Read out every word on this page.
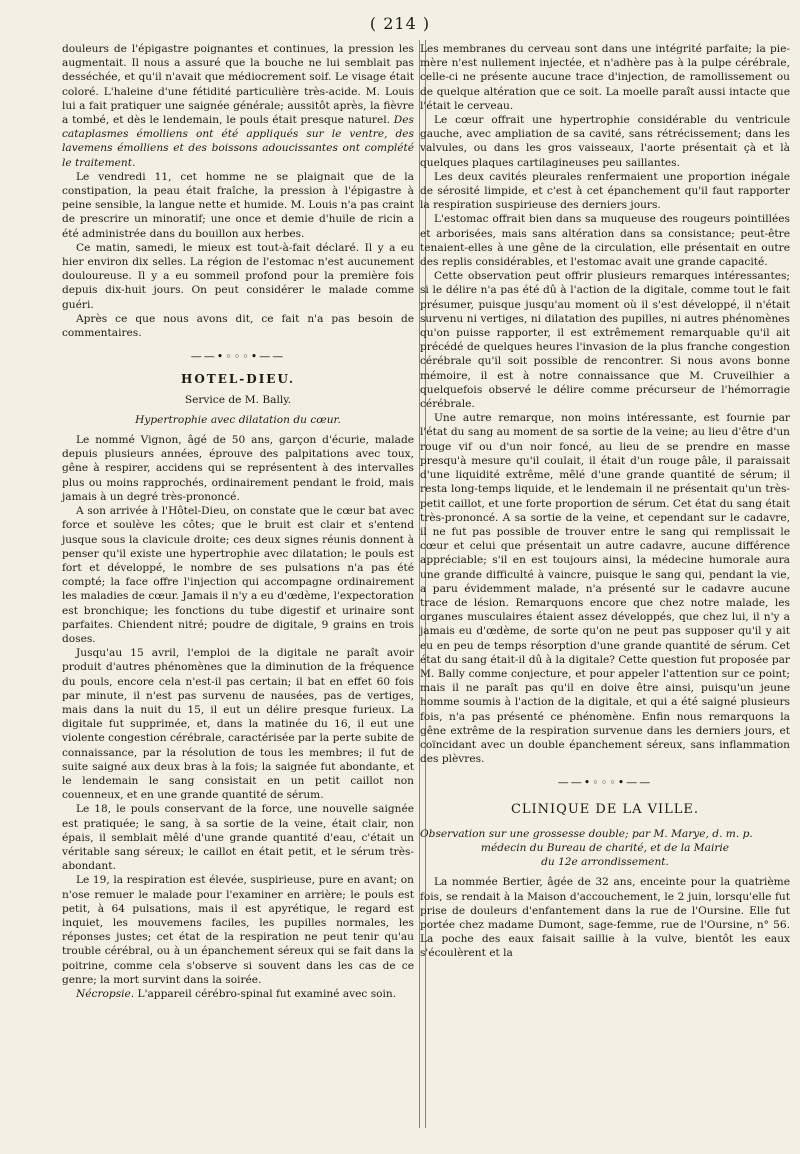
( 214 )

douleurs de l'épigastre poignantes et continues, la pression les augmentait. Il nous a assuré que la bouche ne lui semblait pas desséchée, et qu'il n'avait que médiocrement soif. Le visage était coloré. L'haleine d'une fétidité particulière très-acide. M. Louis lui a fait pratiquer une saignée générale; aussitôt après, la fièvre a tombé, et dès le lendemain, le pouls était presque naturel. Des cataplasmes émolliens ont été appliqués sur le ventre, des lavemens émolliens et des boissons adoucissantes ont complété le traitement.

Le vendredi 11, cet homme ne se plaignait que de la constipation, la peau était fraîche, la pression à l'épigastre à peine sensible, la langue nette et humide. M. Louis n'a pas craint de prescrire un minoratif; une once et demie d'huile de ricin a été administrée dans du bouillon aux herbes.

Ce matin, samedi, le mieux est tout-à-fait déclaré. Il y a eu hier environ dix selles. La région de l'estomac n'est aucunement douloureuse. Il y a eu sommeil profond pour la première fois depuis dix-huit jours. On peut considérer le malade comme guéri.

Après ce que nous avons dit, ce fait n'a pas besoin de commentaires.

——•◦◦◦•——
HOTEL-DIEU.
Service de M. Bally.
Hypertrophie avec dilatation du cœur.

Le nommé Vignon, âgé de 50 ans, garçon d'écurie, malade depuis plusieurs années, éprouve des palpitations avec toux, gêne à respirer, accidens qui se représentent à des intervalles plus ou moins rapprochés, ordinairement pendant le froid, mais jamais à un degré très-prononcé.

A son arrivée à l'Hôtel-Dieu, on constate que le cœur bat avec force et soulève les côtes; que le bruit est clair et s'entend jusque sous la clavicule droite; ces deux signes réunis donnent à penser qu'il existe une hypertrophie avec dilatation; le pouls est fort et développé, le nombre de ses pulsations n'a pas été compté; la face offre l'injection qui accompagne ordinairement les maladies de cœur. Jamais il n'y a eu d'œdème, l'expectoration est bronchique; les fonctions du tube digestif et urinaire sont parfaites. Chiendent nitré; poudre de digitale, 9 grains en trois doses.

Jusqu'au 15 avril, l'emploi de la digitale ne paraît avoir produit d'autres phénomènes que la diminution de la fréquence du pouls, encore cela n'est-il pas certain; il bat en effet 60 fois par minute, il n'est pas survenu de nausées, pas de vertiges, mais dans la nuit du 15, il eut un délire presque furieux. La digitale fut supprimée, et, dans la matinée du 16, il eut une violente congestion cérébrale, caractérisée par la perte subite de connaissance, par la résolution de tous les membres; il fut de suite saigné aux deux bras à la fois; la saignée fut abondante, et le lendemain le sang consistait en un petit caillot non couenneux, et en une grande quantité de sérum.

Le 18, le pouls conservant de la force, une nouvelle saignée est pratiquée; le sang, à sa sortie de la veine, était clair, non épais, il semblait mêlé d'une grande quantité d'eau, c'était un véritable sang séreux; le caillot en était petit, et le sérum très-abondant.

Le 19, la respiration est élevée, suspirieuse, pure en avant; on n'ose remuer le malade pour l'examiner en arrière; le pouls est petit, à 64 pulsations, mais il est apyrétique, le regard est inquiet, les mouvemens faciles, les pupilles normales, les réponses justes; cet état de la respiration ne peut tenir qu'au trouble cérébral, ou à un épanchement séreux qui se fait dans la poitrine, comme cela s'observe si souvent dans les cas de ce genre; la mort survint dans la soirée.

Nécropsie. L'appareil cérébro-spinal fut examiné avec soin.

Les membranes du cerveau sont dans une intégrité parfaite; la pie-mère n'est nullement injectée, et n'adhère pas à la pulpe cérébrale, celle-ci ne présente aucune trace d'injection, de ramollissement ou de quelque altération que ce soit. La moelle paraît aussi intacte que l'était le cerveau.

Le cœur offrait une hypertrophie considérable du ventricule gauche, avec ampliation de sa cavité, sans rétrécissement; dans les valvules, ou dans les gros vaisseaux, l'aorte présentait çà et là quelques plaques cartilagineuses peu saillantes.

Les deux cavités pleurales renfermaient une proportion inégale de sérosité limpide, et c'est à cet épanchement qu'il faut rapporter la respiration suspirieuse des derniers jours.

L'estomac offrait bien dans sa muqueuse des rougeurs pointillées et arborisées, mais sans altération dans sa consistance; peut-être tenaient-elles à une gêne de la circulation, elle présentait en outre des replis considérables, et l'estomac avait une grande capacité.

Cette observation peut offrir plusieurs remarques intéressantes; si le délire n'a pas été dû à l'action de la digitale, comme tout le fait présumer, puisque jusqu'au moment où il s'est développé, il n'était survenu ni vertiges, ni dilatation des pupilles, ni autres phénomènes qu'on puisse rapporter, il est extrêmement remarquable qu'il ait précédé de quelques heures l'invasion de la plus franche congestion cérébrale qu'il soit possible de rencontrer. Si nous avons bonne mémoire, il est à notre connaissance que M. Cruveilhier a quelquefois observé le délire comme précurseur de l'hémorragie cérébrale.

Une autre remarque, non moins intéressante, est fournie par l'état du sang au moment de sa sortie de la veine; au lieu d'être d'un rouge vif ou d'un noir foncé, au lieu de se prendre en masse presqu'à mesure qu'il coulait, il était d'un rouge pâle, il paraissait d'une liquidité extrême, mêlé d'une grande quantité de sérum; il resta long-temps liquide, et le lendemain il ne présentait qu'un très-petit caillot, et une forte proportion de sérum. Cet état du sang était très-prononcé. A sa sortie de la veine, et cependant sur le cadavre, il ne fut pas possible de trouver entre le sang qui remplissait le cœur et celui que présentait un autre cadavre, aucune différence appréciable; s'il en est toujours ainsi, la médecine humorale aura une grande difficulté à vaincre, puisque le sang qui, pendant la vie, a paru évidemment malade, n'a présenté sur le cadavre aucune trace de lésion. Remarquons encore que chez notre malade, les organes musculaires étaient assez développés, que chez lui, il n'y a jamais eu d'œdème, de sorte qu'on ne peut pas supposer qu'il y ait eu en peu de temps résorption d'une grande quantité de sérum. Cet état du sang était-il dû à la digitale? Cette question fut proposée par M. Bally comme conjecture, et pour appeler l'attention sur ce point; mais il ne paraît pas qu'il en doive être ainsi, puisqu'un jeune homme soumis à l'action de la digitale, et qui a été saigné plusieurs fois, n'a pas présenté ce phénomène. Enfin nous remarquons la gêne extrême de la respiration survenue dans les derniers jours, et coïncidant avec un double épanchement séreux, sans inflammation des plèvres.

——•◦◦◦•——
CLINIQUE DE LA VILLE.

Observation sur une grossesse double; par M. Marye, d. m. p.
médecin du Bureau de charité, et de la Mairie
du 12e arrondissement.

La nommée Bertier, âgée de 32 ans, enceinte pour la quatrième fois, se rendait à la Maison d'accouchement, le 2 juin, lorsqu'elle fut prise de douleurs d'enfantement dans la rue de l'Oursine. Elle fut portée chez madame Dumont, sage-femme, rue de l'Oursine, n° 56. La poche des eaux faisait saillie à la vulve, bientôt les eaux s'écoulèrent et la
